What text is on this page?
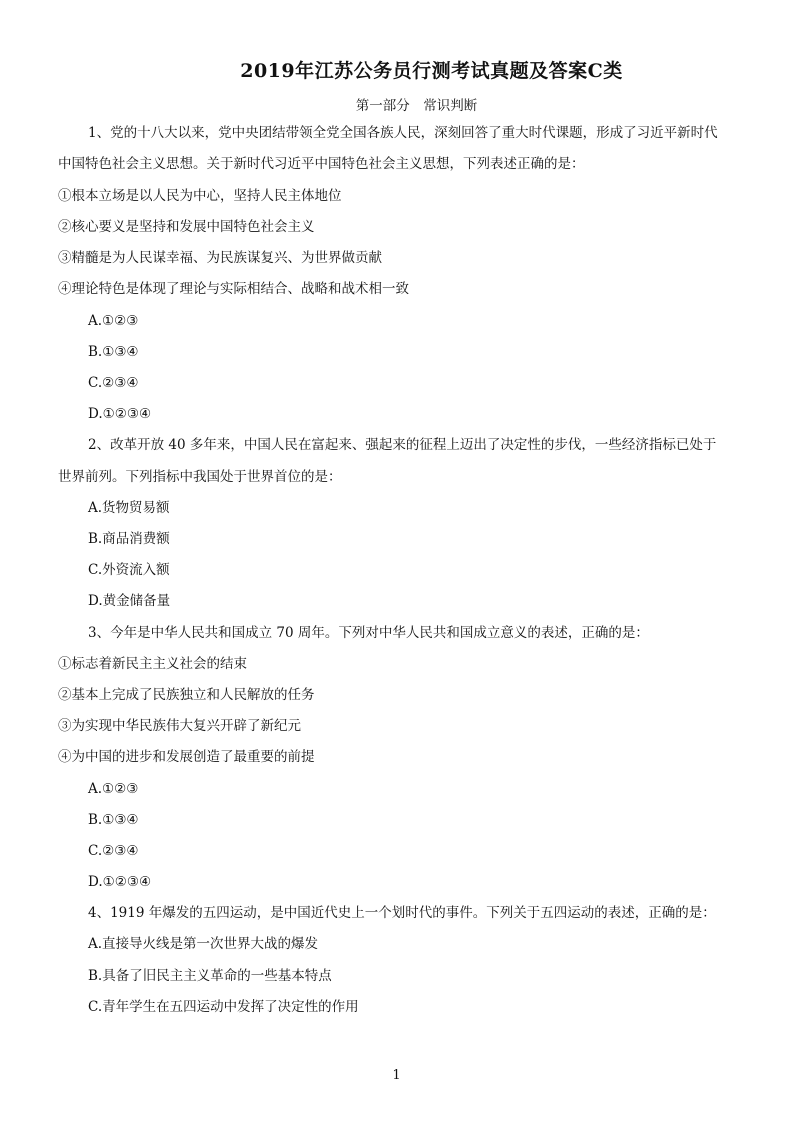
2019年江苏公务员行测考试真题及答案C类
第一部分　常识判断
1、党的十八大以来，党中央团结带领全党全国各族人民，深刻回答了重大时代课题，形成了习近平新时代
中国特色社会主义思想。关于新时代习近平中国特色社会主义思想，下列表述正确的是：
①根本立场是以人民为中心，坚持人民主体地位
②核心要义是坚持和发展中国特色社会主义
③精髓是为人民谋幸福、为民族谋复兴、为世界做贡献
④理论特色是体现了理论与实际相结合、战略和战术相一致
A.①②③
B.①③④
C.②③④
D.①②③④
2、改革开放 40 多年来，中国人民在富起来、强起来的征程上迈出了决定性的步伐，一些经济指标已处于
世界前列。下列指标中我国处于世界首位的是：
A.货物贸易额
B.商品消费额
C.外资流入额
D.黄金储备量
3、今年是中华人民共和国成立 70 周年。下列对中华人民共和国成立意义的表述，正确的是：
①标志着新民主主义社会的结束
②基本上完成了民族独立和人民解放的任务
③为实现中华民族伟大复兴开辟了新纪元
④为中国的进步和发展创造了最重要的前提
A.①②③
B.①③④
C.②③④
D.①②③④
4、1919 年爆发的五四运动，是中国近代史上一个划时代的事件。下列关于五四运动的表述，正确的是：
A.直接导火线是第一次世界大战的爆发
B.具备了旧民主主义革命的一些基本特点
C.青年学生在五四运动中发挥了决定性的作用
1
